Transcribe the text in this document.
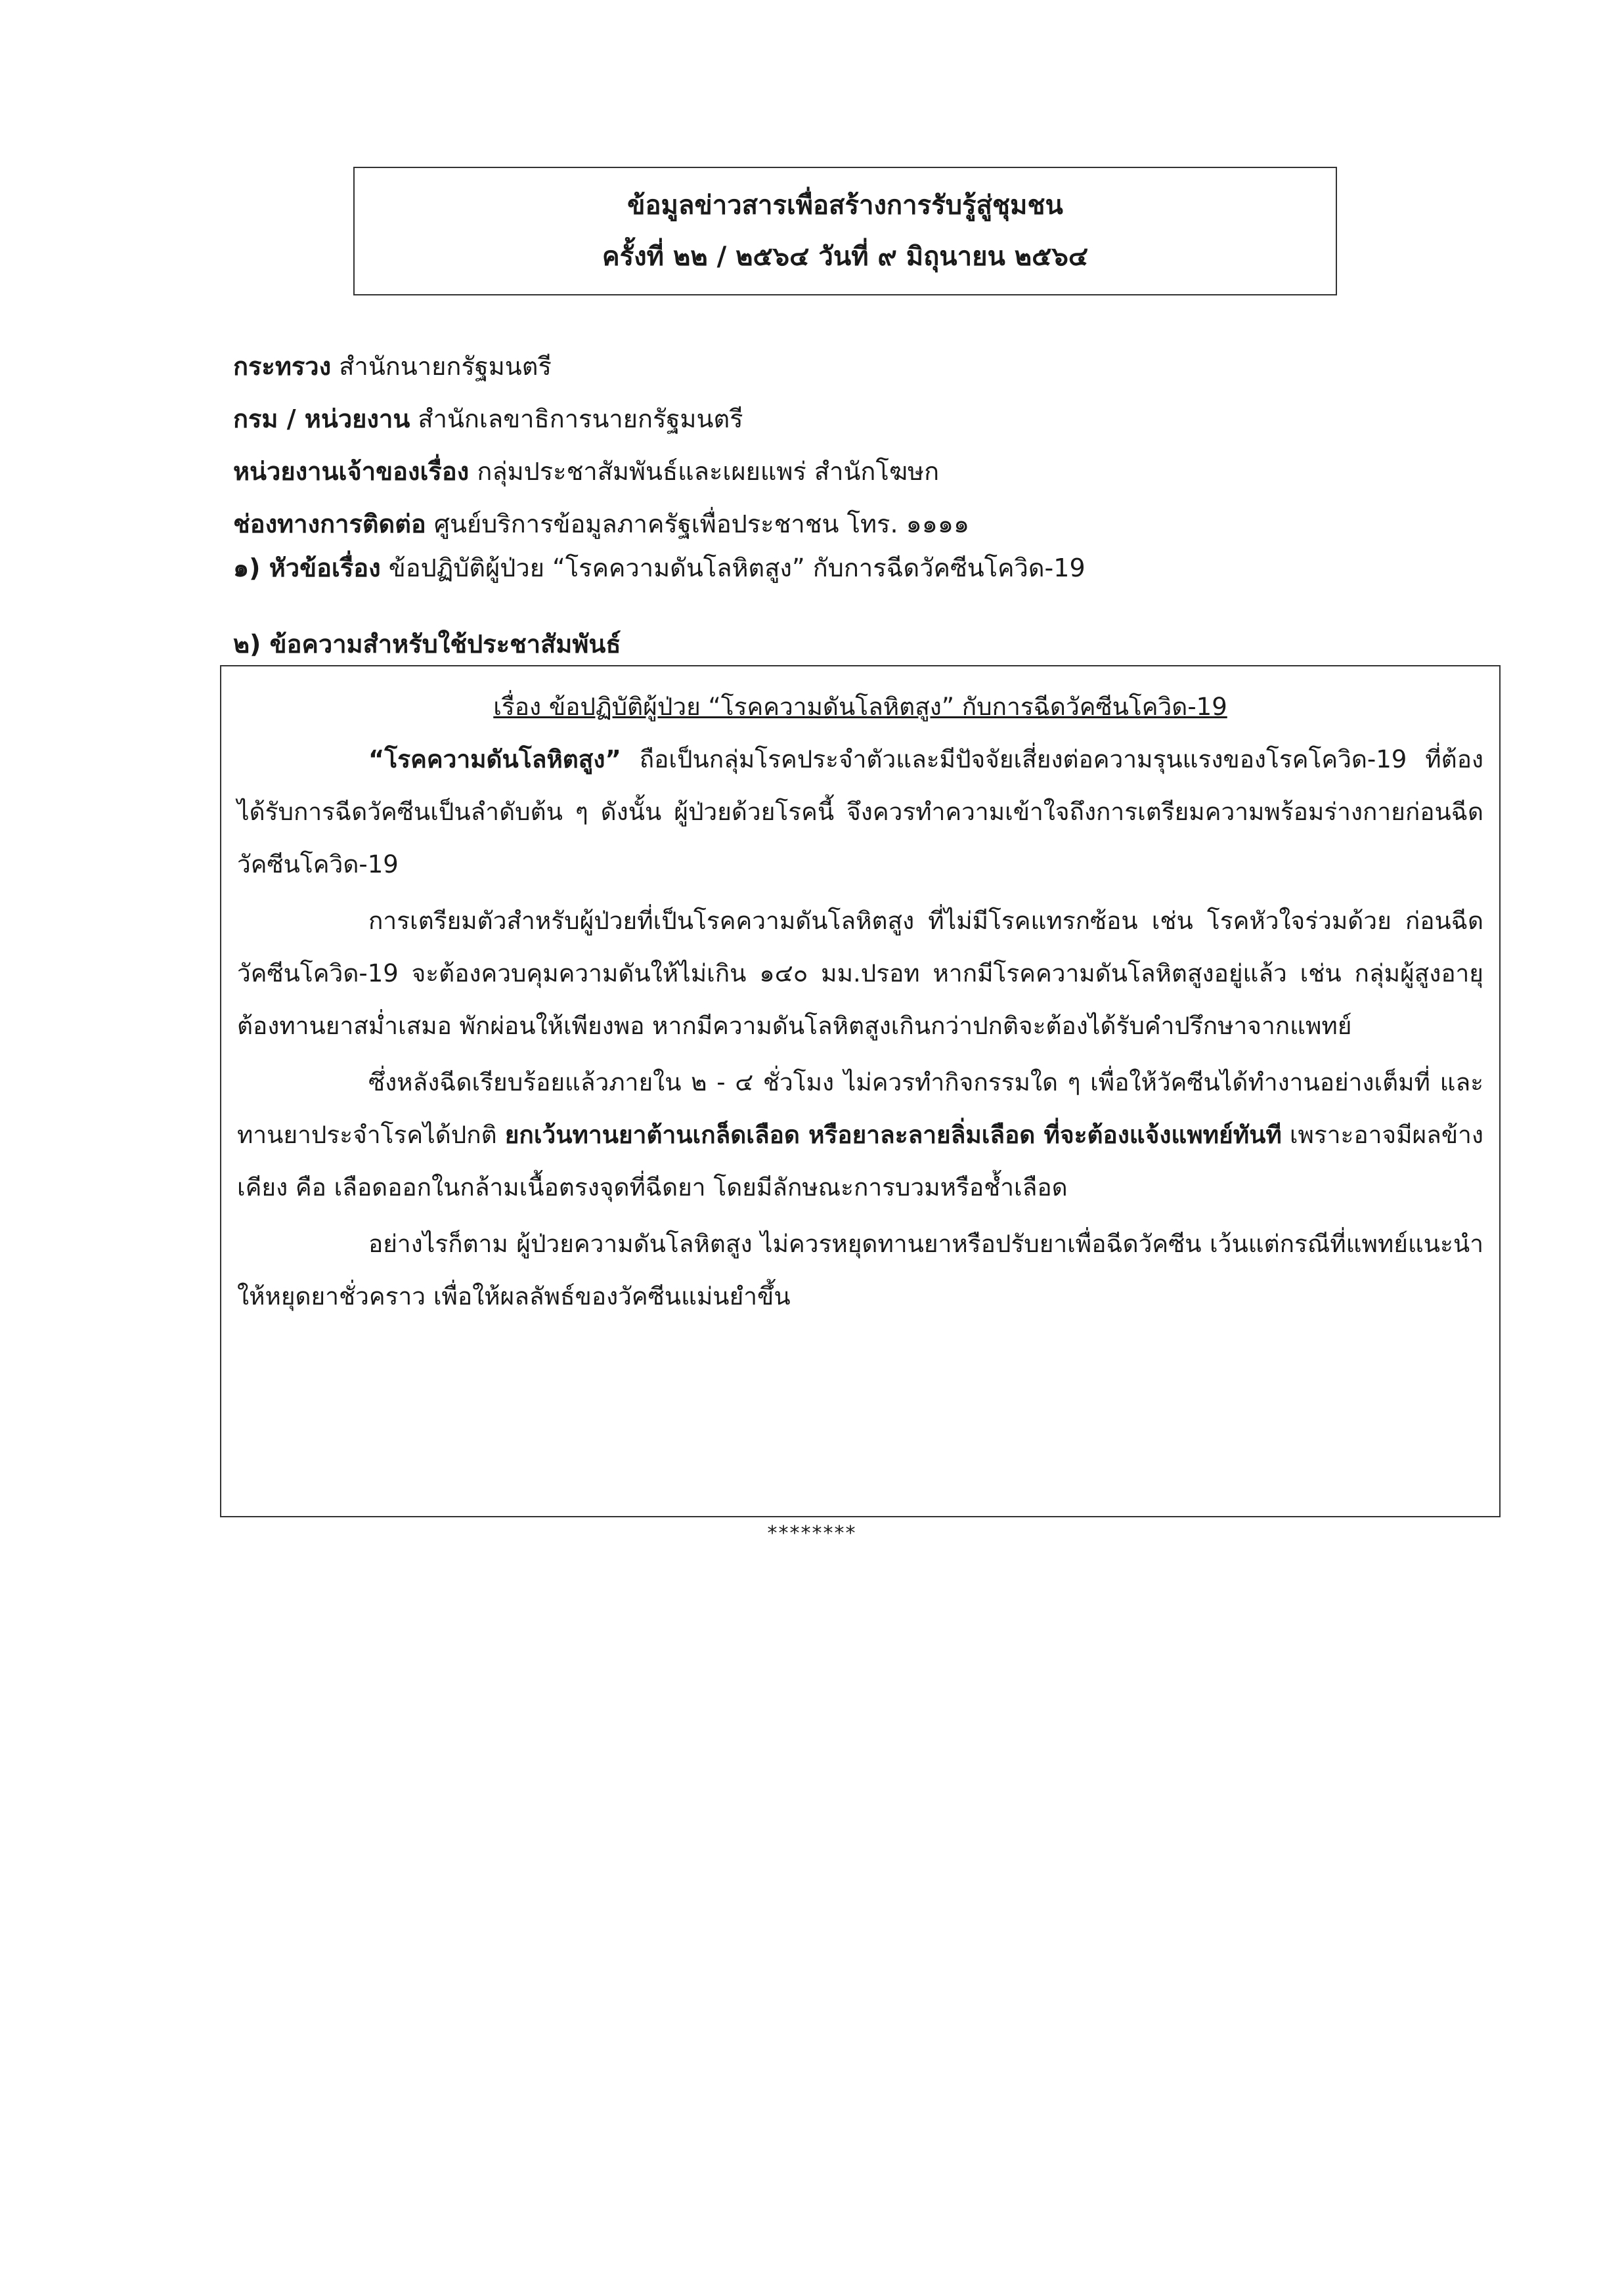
ข้อมูลข่าวสารเพื่อสร้างการรับรู้สู่ชุมชน
ครั้งที่ ๒๒ / ๒๕๖๔ วันที่ ๙ มิถุนายน ๒๕๖๔
กระทรวง สำนักนายกรัฐมนตรี
กรม / หน่วยงาน สำนักเลขาธิการนายกรัฐมนตรี
หน่วยงานเจ้าของเรื่อง กลุ่มประชาสัมพันธ์และเผยแพร่ สำนักโฆษก
ช่องทางการติดต่อ ศูนย์บริการข้อมูลภาครัฐเพื่อประชาชน โทร. ๑๑๑๑
๑) หัวข้อเรื่อง ข้อปฏิบัติผู้ป่วย “โรคความดันโลหิตสูง” กับการฉีดวัคซีนโควิด-19
๒) ข้อความสำหรับใช้ประชาสัมพันธ์
เรื่อง ข้อปฏิบัติผู้ป่วย “โรคความดันโลหิตสูง” กับการฉีดวัคซีนโควิด-19

“โรคความดันโลหิตสูง” ถือเป็นกลุ่มโรคประจำตัวและมีปัจจัยเสี่ยงต่อความรุนแรงของโรคโควิด-19 ที่ต้องได้รับการฉีดวัคซีนเป็นลำดับต้น ๆ ดังนั้น ผู้ป่วยด้วยโรคนี้ จึงควรทำความเข้าใจถึงการเตรียมความพร้อมร่างกายก่อนฉีดวัคซีนโควิด-19

การเตรียมตัวสำหรับผู้ป่วยที่เป็นโรคความดันโลหิตสูง ที่ไม่มีโรคแทรกซ้อน เช่น โรคหัวใจร่วมด้วย ก่อนฉีดวัคซีนโควิด-19 จะต้องควบคุมความดันให้ไม่เกิน ๑๔๐ มม.ปรอท หากมีโรคความดันโลหิตสูงอยู่แล้ว เช่น กลุ่มผู้สูงอายุ ต้องทานยาสม่ำเสมอ พักผ่อนให้เพียงพอ หากมีความดันโลหิตสูงเกินกว่าปกติจะต้องได้รับคำปรึกษาจากแพทย์

ซึ่งหลังฉีดเรียบร้อยแล้วภายใน ๒ - ๔ ชั่วโมง ไม่ควรทำกิจกรรมใด ๆ เพื่อให้วัคซีนได้ทำงานอย่างเต็มที่ และทานยาประจำโรคได้ปกติ ยกเว้นทานยาต้านเกล็ดเลือด หรือยาละลายลิ่มเลือด ที่จะต้องแจ้งแพทย์ทันที เพราะอาจมีผลข้างเคียง คือ เลือดออกในกล้ามเนื้อตรงจุดที่ฉีดยา โดยมีลักษณะการบวมหรือช้ำเลือด

อย่างไรก็ตาม ผู้ป่วยความดันโลหิตสูง ไม่ควรหยุดทานยาหรือปรับยาเพื่อฉีดวัคซีน เว้นแต่กรณีที่แพทย์แนะนำให้หยุดยาชั่วคราว เพื่อให้ผลลัพธ์ของวัคซีนแม่นยำขึ้น

********
